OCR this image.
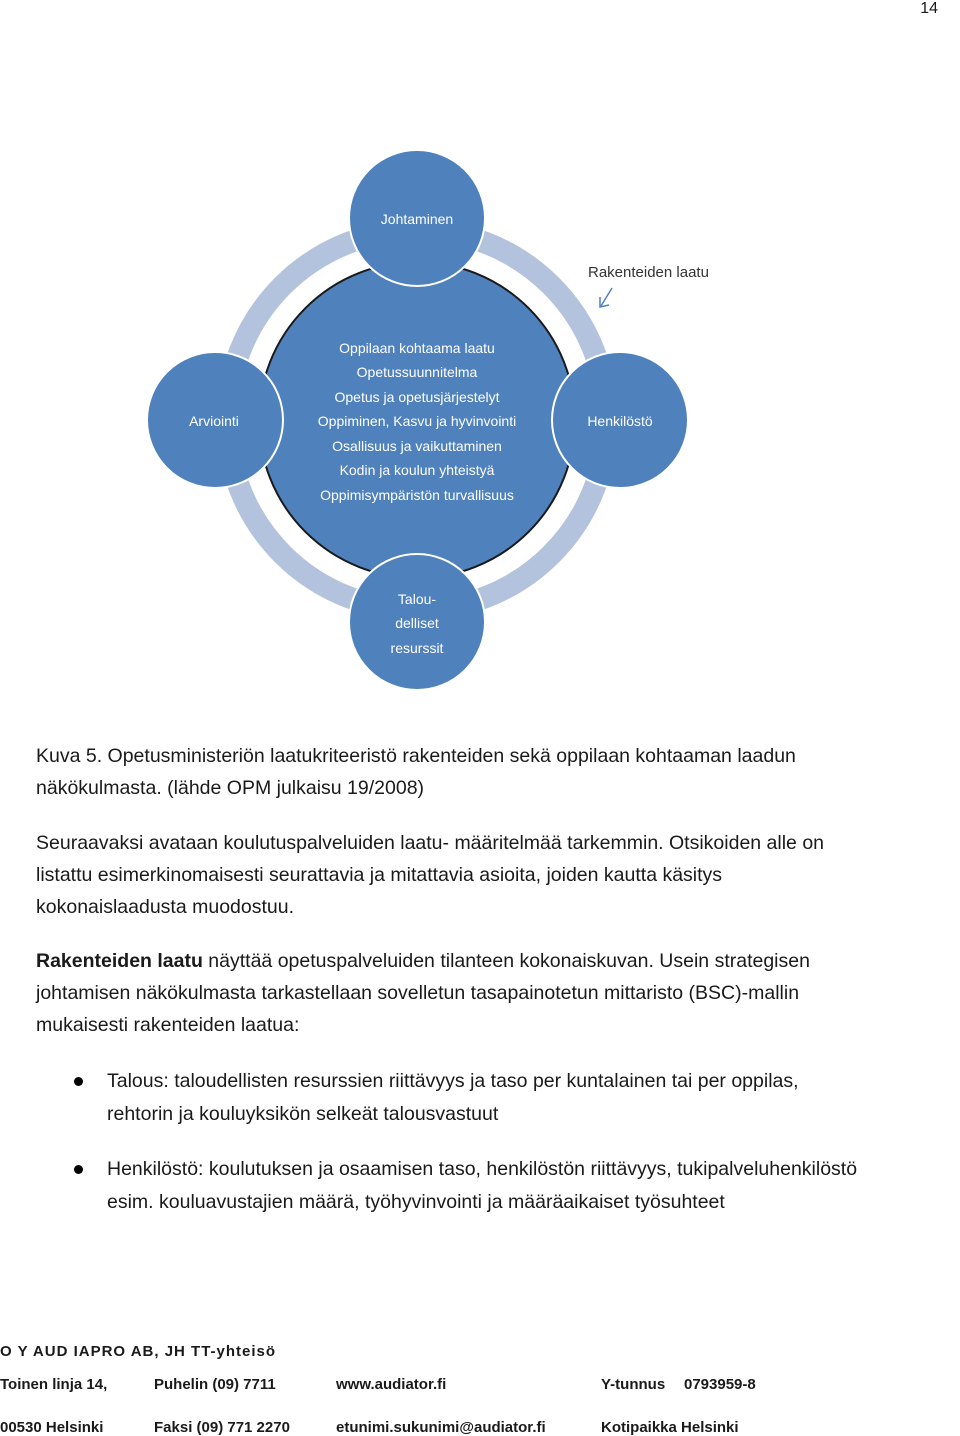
14
Johtaminen
Arviointi	Henkilöstö
Talou-
delliset
resurssit
Oppilaan kohtaama laatu
Opetussuunnitelma
Opetus ja opetusjärjestelyt
Oppiminen, Kasvu ja hyvinvointi
Osallisuus ja vaikuttaminen
Kodin ja koulun yhteistyä
Oppimisympäristön turvallisuus
Rakenteiden laatu
Kuva 5. Opetusministeriön laatukriteeristö rakenteiden sekä oppilaan kohtaaman laadun
näkökulmasta. (lähde OPM julkaisu 19/2008)
Seuraavaksi avataan koulutuspalveluiden laatu- määritelmää tarkemmin. Otsikoiden alle on
listattu esimerkinomaisesti seurattavia ja mitattavia asioita, joiden kautta käsitys
kokonaislaadusta muodostuu.
Rakenteiden laatu näyttää opetuspalveluiden tilanteen kokonaiskuvan. Usein strategisen
johtamisen näkökulmasta tarkastellaan sovelletun tasapainotetun mittaristo (BSC)-mallin
mukaisesti rakenteiden laatua:
Talous: taloudellisten resurssien riittävyys ja taso per kuntalainen tai per oppilas,
rehtorin ja kouluyksikön selkeät talousvastuut
Henkilöstö: koulutuksen ja osaamisen taso, henkilöstön riittävyys, tukipalveluhenkilöstö
esim. kouluavustajien määrä, työhyvinvointi ja määräaikaiset työsuhteet
O Y AUD IAPRO AB, JH TT-yhteisö
Toinen linja 14,	Puhelin (09) 7711	www.audiator.fi	Y-tunnus 0793959-8
00530 Helsinki	Faksi (09) 771 2270	etunimi.sukunimi@audiator.fi	Kotipaikka Helsinki
